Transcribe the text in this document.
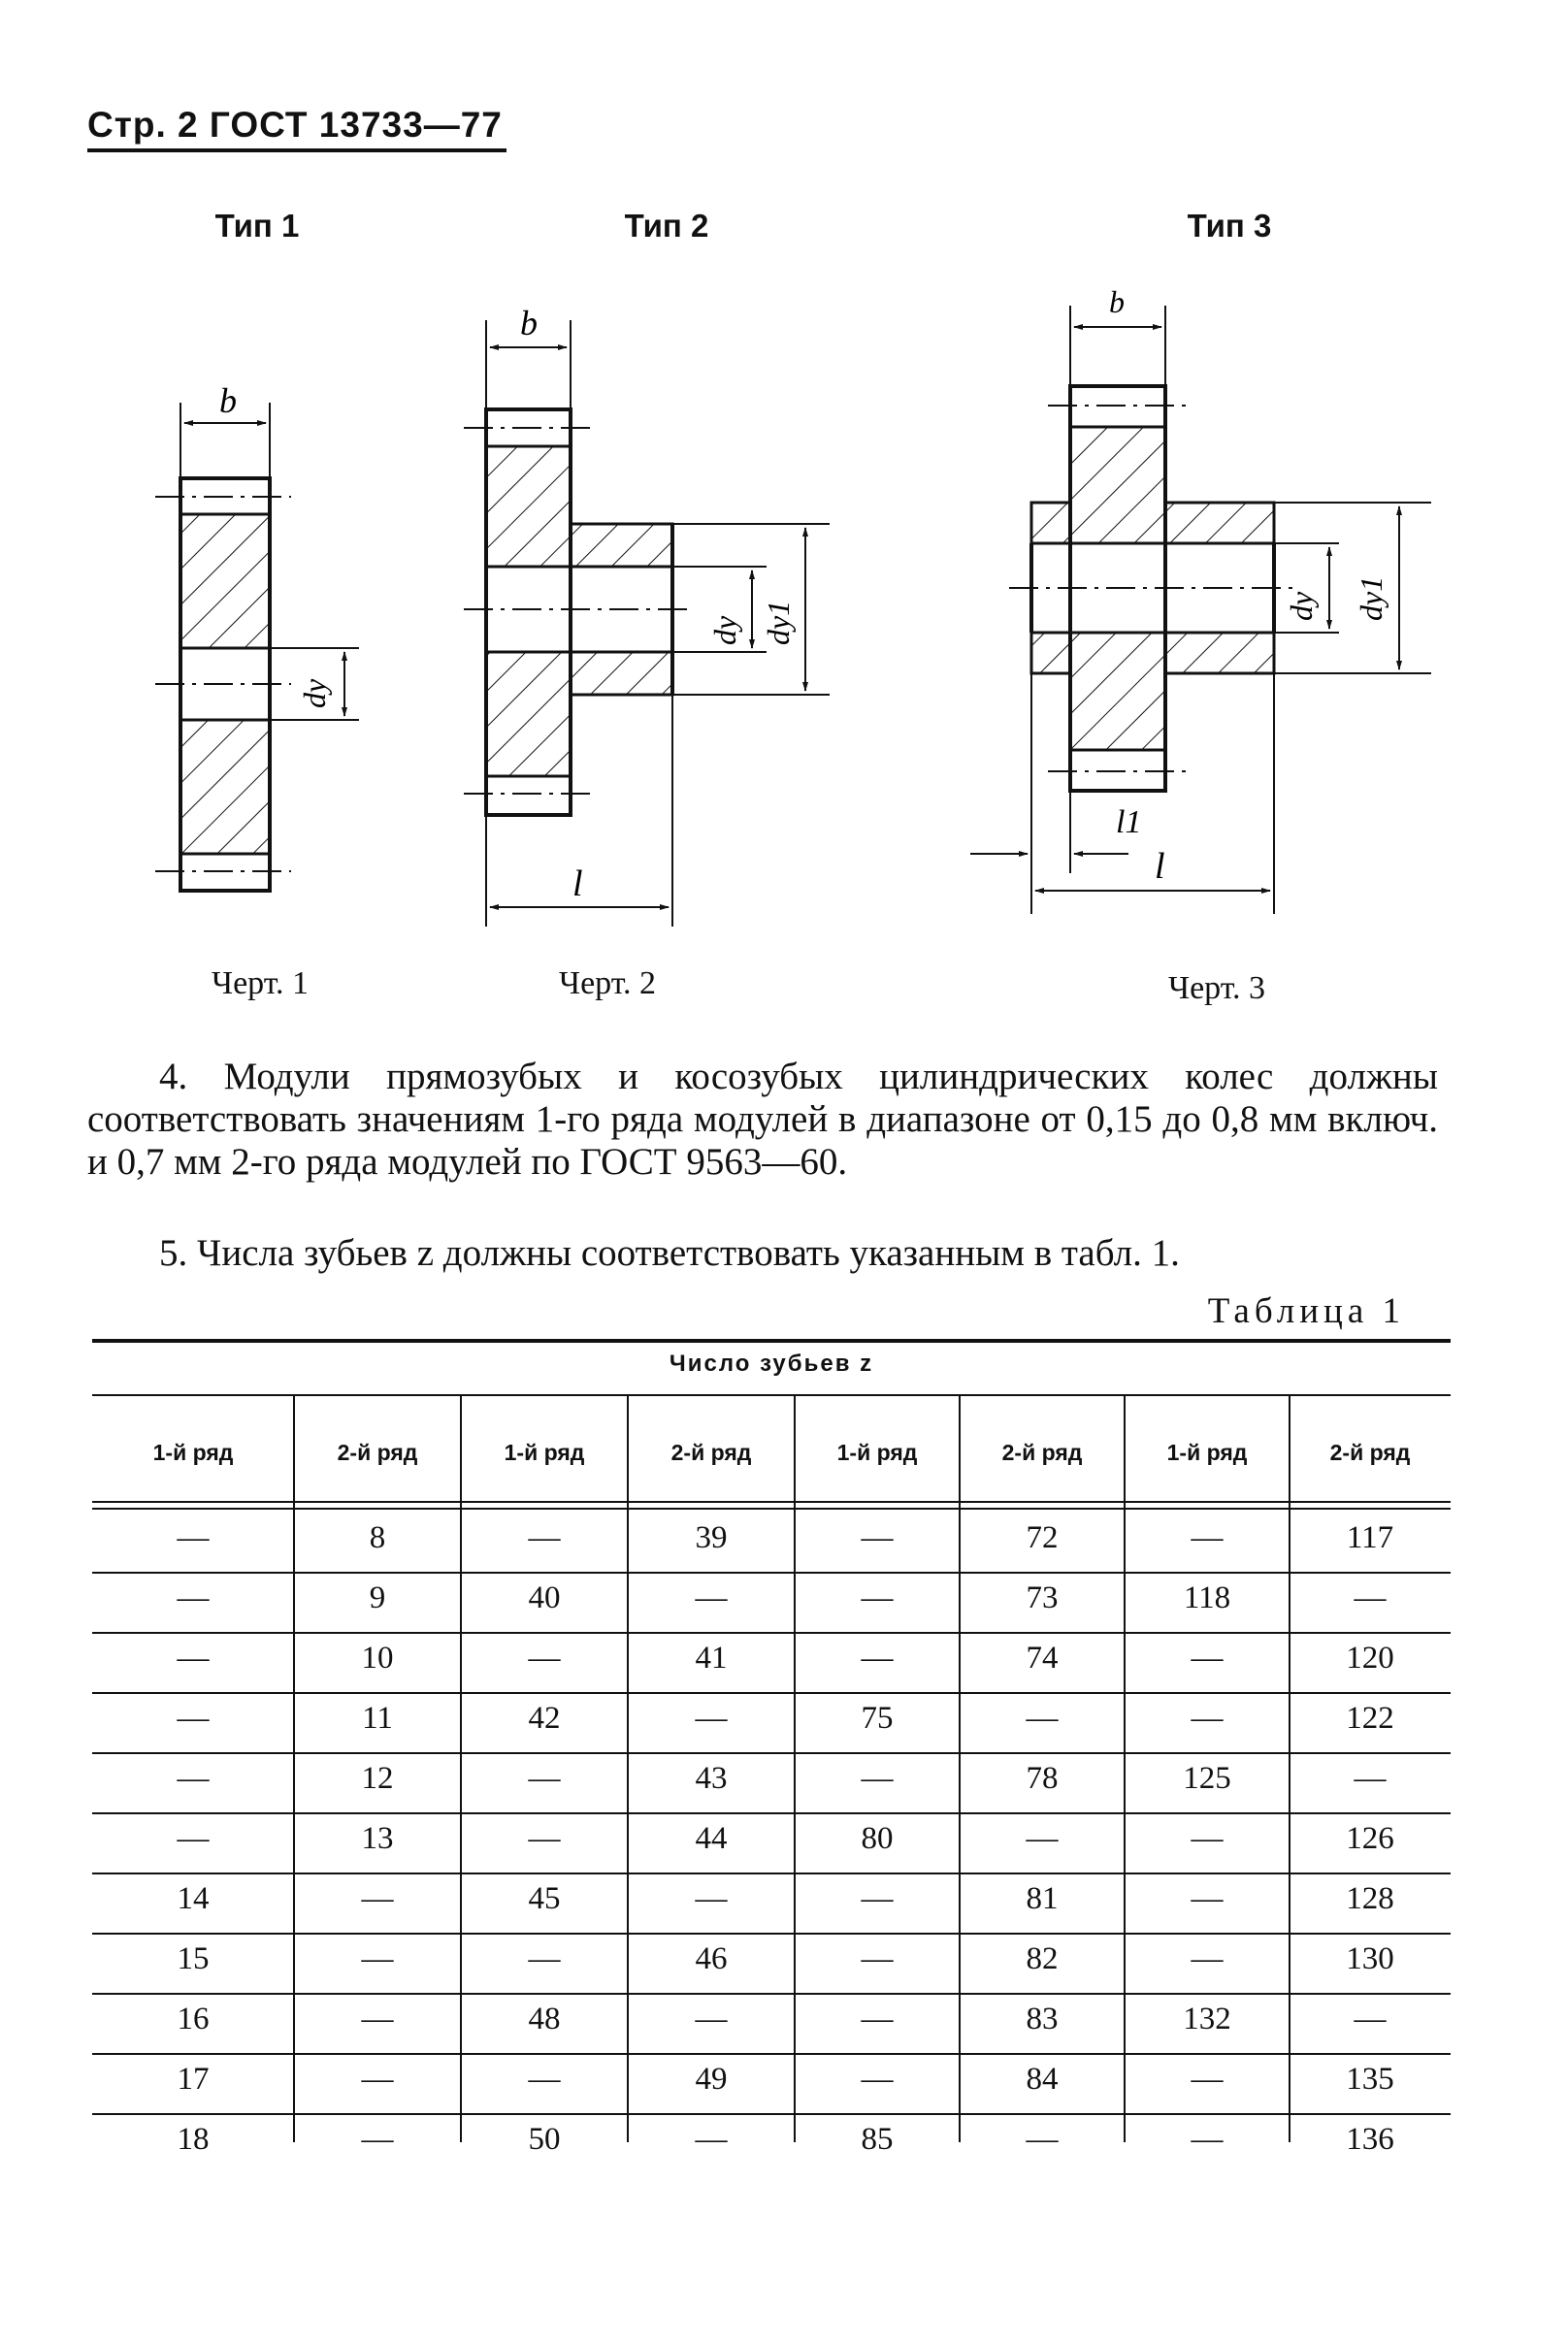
Стр. 2 ГОСТ 13733—77
Тип 1	Тип 2	Тип 3
b
dу
b
dу dу1
l
b
dу dу1
l1
l
Черт. 1	Черт. 2	Черт. 3
4. Модули прямозубых и косозубых цилиндрических колес должны соответствовать значениям 1-го ряда модулей в диапазоне от 0,15 до 0,8 мм включ. и 0,7 мм 2-го ряда модулей по ГОСТ 9563—60.
5. Числа зубьев z должны соответствовать указанным в табл. 1.
Таблица 1
Число зубьев z
1-й ряд	2-й ряд	1-й ряд	2-й ряд	1-й ряд	2-й ряд	1-й ряд	2-й ряд
—	8	—	39	—	72	—	117
—	9	40	—	—	73	118	—
—	10	—	41	—	74	—	120
—	11	42	—	75	—	—	122
—	12	—	43	—	78	125	—
—	13	—	44	80	—	—	126
14	—	45	—	—	81	—	128
15	—	—	46	—	82	—	130
16	—	48	—	—	83	132	—
17	—	—	49	—	84	—	135
18	—	50	—	85	—	—	136
